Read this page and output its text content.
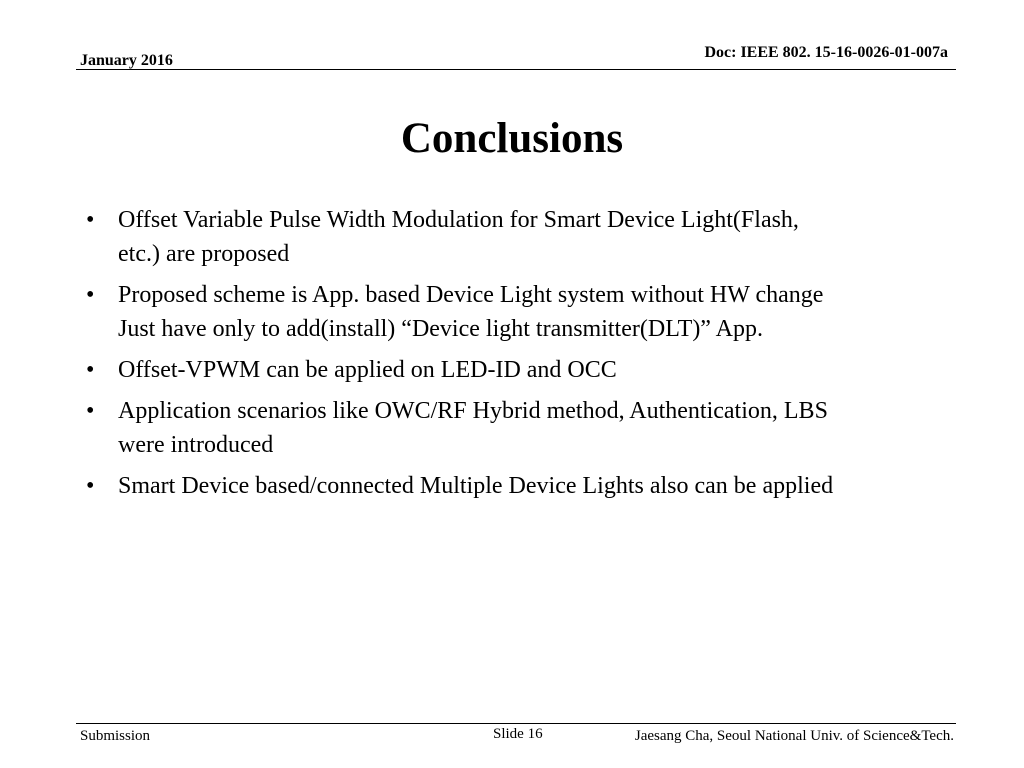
Doc: IEEE 802. 15-16-0026-01-007a
January 2016
Conclusions
• Offset Variable Pulse Width Modulation for Smart Device Light(Flash,
etc.) are proposed
• Proposed scheme is App. based Device Light system without HW change
Just have only to add(install) “Device light transmitter(DLT)” App.
• Offset-VPWM can be applied on LED-ID and OCC
• Application scenarios like OWC/RF Hybrid method, Authentication, LBS
were introduced
• Smart Device based/connected Multiple Device Lights also can be applied
Submission	Slide 16	Jaesang Cha, Seoul National Univ. of Science&Tech.
